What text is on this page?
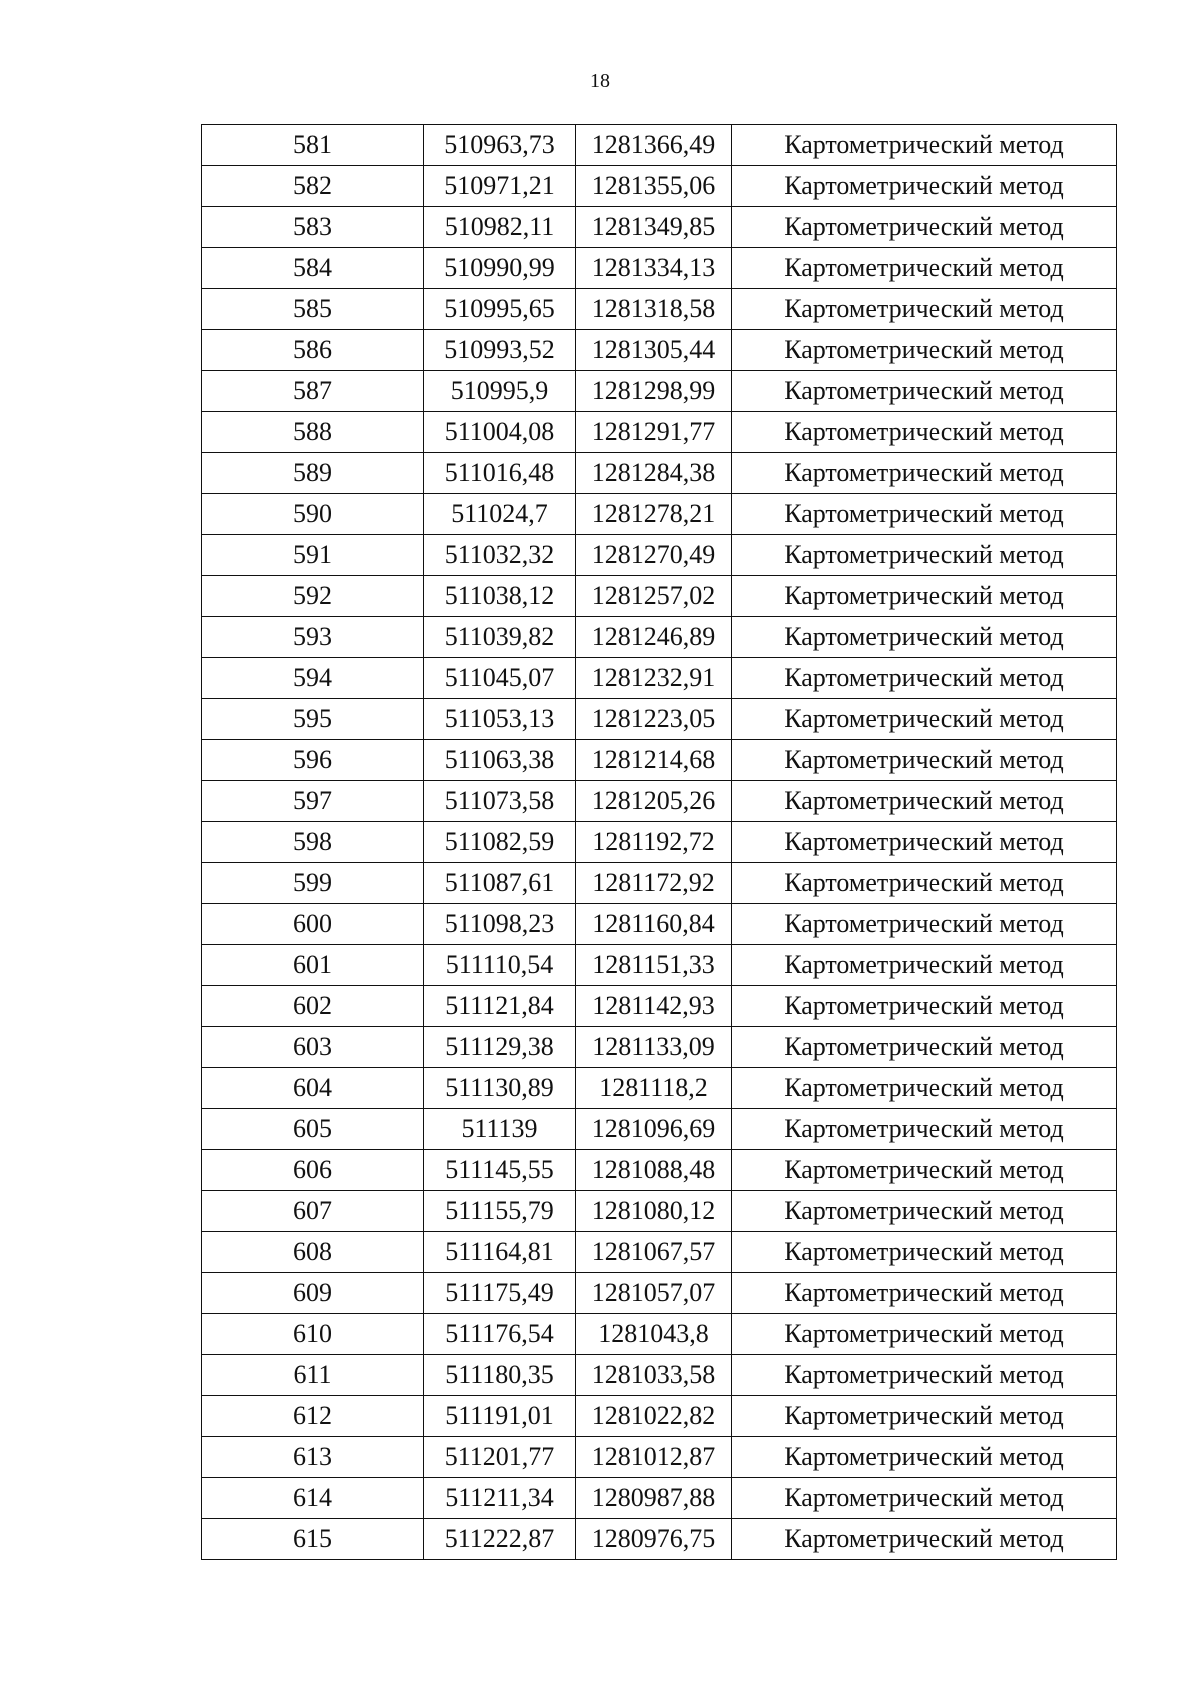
18
581	510963,73	1281366,49	Картометрический метод
582	510971,21	1281355,06	Картометрический метод
583	510982,11	1281349,85	Картометрический метод
584	510990,99	1281334,13	Картометрический метод
585	510995,65	1281318,58	Картометрический метод
586	510993,52	1281305,44	Картометрический метод
587	510995,9	1281298,99	Картометрический метод
588	511004,08	1281291,77	Картометрический метод
589	511016,48	1281284,38	Картометрический метод
590	511024,7	1281278,21	Картометрический метод
591	511032,32	1281270,49	Картометрический метод
592	511038,12	1281257,02	Картометрический метод
593	511039,82	1281246,89	Картометрический метод
594	511045,07	1281232,91	Картометрический метод
595	511053,13	1281223,05	Картометрический метод
596	511063,38	1281214,68	Картометрический метод
597	511073,58	1281205,26	Картометрический метод
598	511082,59	1281192,72	Картометрический метод
599	511087,61	1281172,92	Картометрический метод
600	511098,23	1281160,84	Картометрический метод
601	511110,54	1281151,33	Картометрический метод
602	511121,84	1281142,93	Картометрический метод
603	511129,38	1281133,09	Картометрический метод
604	511130,89	1281118,2	Картометрический метод
605	511139	1281096,69	Картометрический метод
606	511145,55	1281088,48	Картометрический метод
607	511155,79	1281080,12	Картометрический метод
608	511164,81	1281067,57	Картометрический метод
609	511175,49	1281057,07	Картометрический метод
610	511176,54	1281043,8	Картометрический метод
611	511180,35	1281033,58	Картометрический метод
612	511191,01	1281022,82	Картометрический метод
613	511201,77	1281012,87	Картометрический метод
614	511211,34	1280987,88	Картометрический метод
615	511222,87	1280976,75	Картометрический метод
